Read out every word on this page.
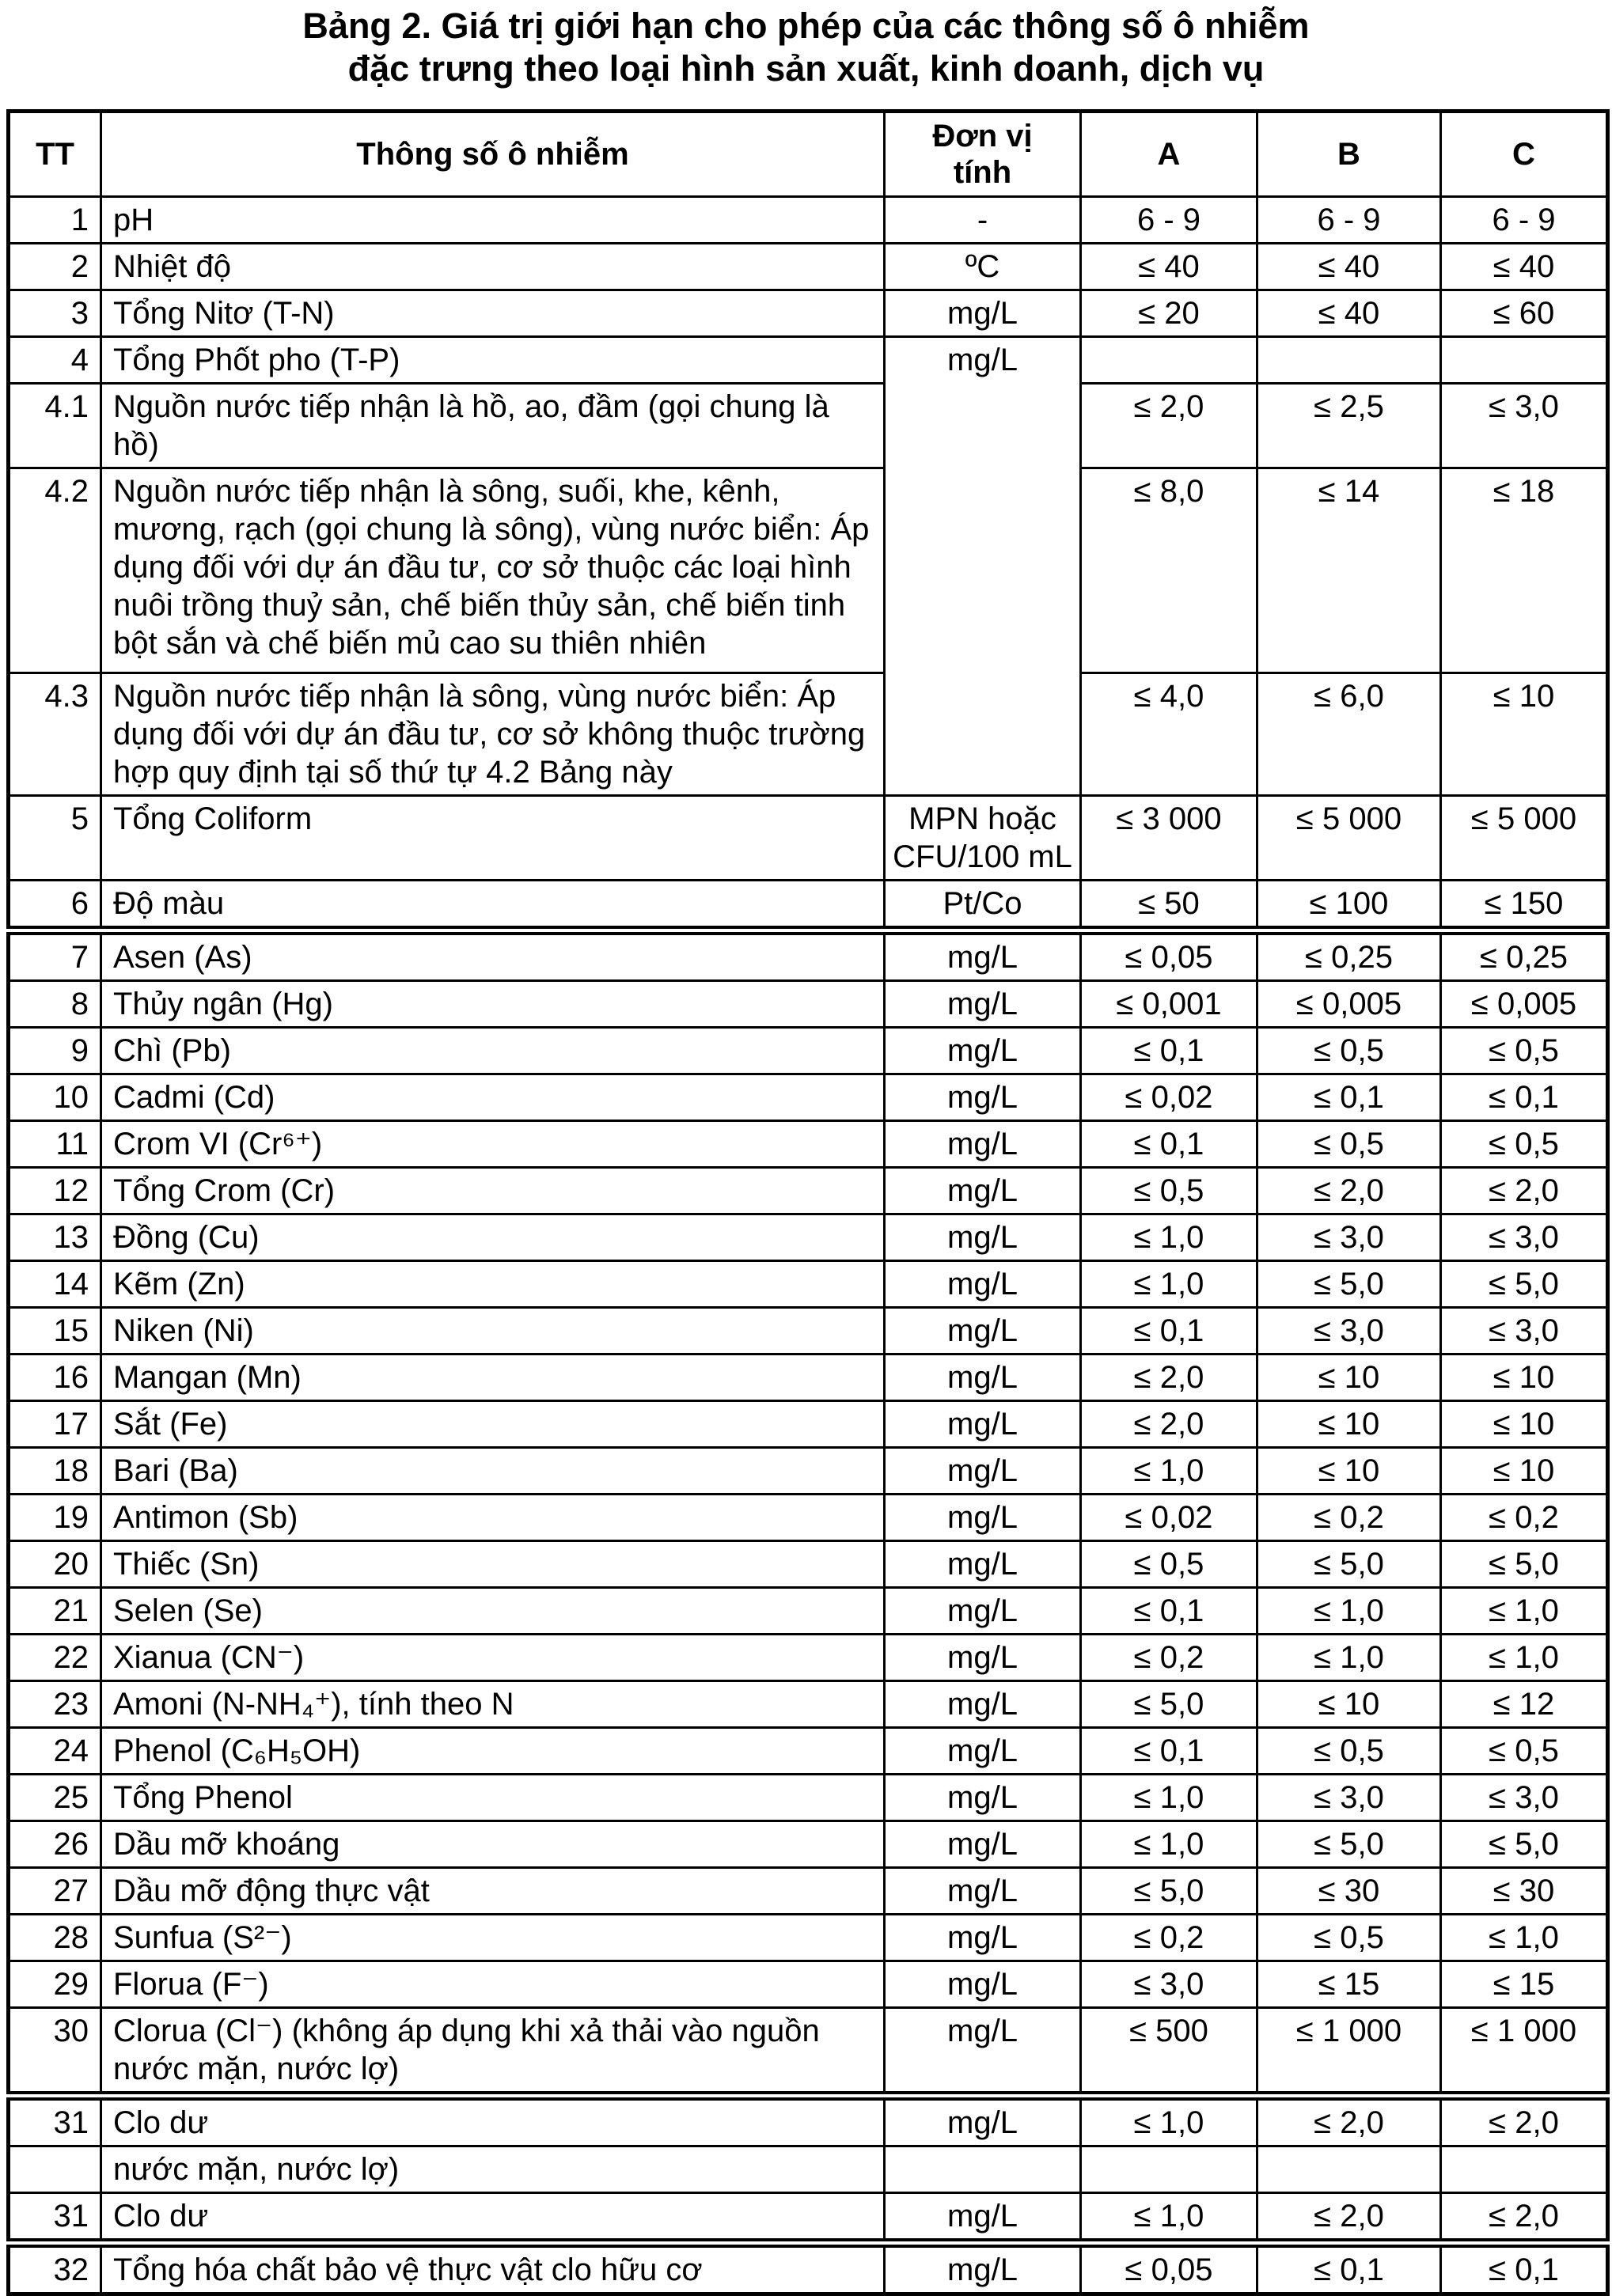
Bảng 2. Giá trị giới hạn cho phép của các thông số ô nhiễm đặc trưng theo loại hình sản xuất, kinh doanh, dịch vụ
TT	Thông số ô nhiễm	Đơn vị tính	A	B	C
1	pH	-	6 - 9	6 - 9	6 - 9
2	Nhiệt độ	ºC	≤ 40	≤ 40	≤ 40
3	Tổng Nitơ (T-N)	mg/L	≤ 20	≤ 40	≤ 60
4	Tổng Phốt pho (T-P)	mg/L			
4.1	Nguồn nước tiếp nhận là hồ, ao, đầm (gọi chung là hồ)		≤ 2,0	≤ 2,5	≤ 3,0
4.2	Nguồn nước tiếp nhận là sông, suối, khe, kênh, mương, rạch (gọi chung là sông), vùng nước biển: Áp dụng đối với dự án đầu tư, cơ sở thuộc các loại hình nuôi trồng thuỷ sản, chế biến thủy sản, chế biến tinh bột sắn và chế biến mủ cao su thiên nhiên		≤ 8,0	≤ 14	≤ 18
4.3	Nguồn nước tiếp nhận là sông, vùng nước biển: Áp dụng đối với dự án đầu tư, cơ sở không thuộc trường hợp quy định tại số thứ tự 4.2 Bảng này		≤ 4,0	≤ 6,0	≤ 10
5	Tổng Coliform	MPN hoặc CFU/100 mL	≤ 3 000	≤ 5 000	≤ 5 000
6	Độ màu	Pt/Co	≤ 50	≤ 100	≤ 150
7	Asen (As)	mg/L	≤ 0,05	≤ 0,25	≤ 0,25
8	Thủy ngân (Hg)	mg/L	≤ 0,001	≤ 0,005	≤ 0,005
9	Chì (Pb)	mg/L	≤ 0,1	≤ 0,5	≤ 0,5
10	Cadmi (Cd)	mg/L	≤ 0,02	≤ 0,1	≤ 0,1
11	Crom VI (Cr⁶⁺)	mg/L	≤ 0,1	≤ 0,5	≤ 0,5
12	Tổng Crom (Cr)	mg/L	≤ 0,5	≤ 2,0	≤ 2,0
13	Đồng (Cu)	mg/L	≤ 1,0	≤ 3,0	≤ 3,0
14	Kẽm (Zn)	mg/L	≤ 1,0	≤ 5,0	≤ 5,0
15	Niken (Ni)	mg/L	≤ 0,1	≤ 3,0	≤ 3,0
16	Mangan (Mn)	mg/L	≤ 2,0	≤ 10	≤ 10
17	Sắt (Fe)	mg/L	≤ 2,0	≤ 10	≤ 10
18	Bari (Ba)	mg/L	≤ 1,0	≤ 10	≤ 10
19	Antimon (Sb)	mg/L	≤ 0,02	≤ 0,2	≤ 0,2
20	Thiếc (Sn)	mg/L	≤ 0,5	≤ 5,0	≤ 5,0
21	Selen (Se)	mg/L	≤ 0,1	≤ 1,0	≤ 1,0
22	Xianua (CN⁻)	mg/L	≤ 0,2	≤ 1,0	≤ 1,0
23	Amoni (N-NH₄⁺), tính theo N	mg/L	≤ 5,0	≤ 10	≤ 12
24	Phenol (C₆H₅OH)	mg/L	≤ 0,1	≤ 0,5	≤ 0,5
25	Tổng Phenol	mg/L	≤ 1,0	≤ 3,0	≤ 3,0
26	Dầu mỡ khoáng	mg/L	≤ 1,0	≤ 5,0	≤ 5,0
27	Dầu mỡ động thực vật	mg/L	≤ 5,0	≤ 30	≤ 30
28	Sunfua (S²⁻)	mg/L	≤ 0,2	≤ 0,5	≤ 1,0
29	Florua (F⁻)	mg/L	≤ 3,0	≤ 15	≤ 15
30	Clorua (Cl⁻) (không áp dụng khi xả thải vào nguồn nước mặn, nước lợ)	mg/L	≤ 500	≤ 1 000	≤ 1 000
31	Clo dư	mg/L	≤ 1,0	≤ 2,0	≤ 2,0
	nước mặn, nước lợ)				
31	Clo dư	mg/L	≤ 1,0	≤ 2,0	≤ 2,0
32	Tổng hóa chất bảo vệ thực vật clo hữu cơ	mg/L	≤ 0,05	≤ 0,1	≤ 0,1
